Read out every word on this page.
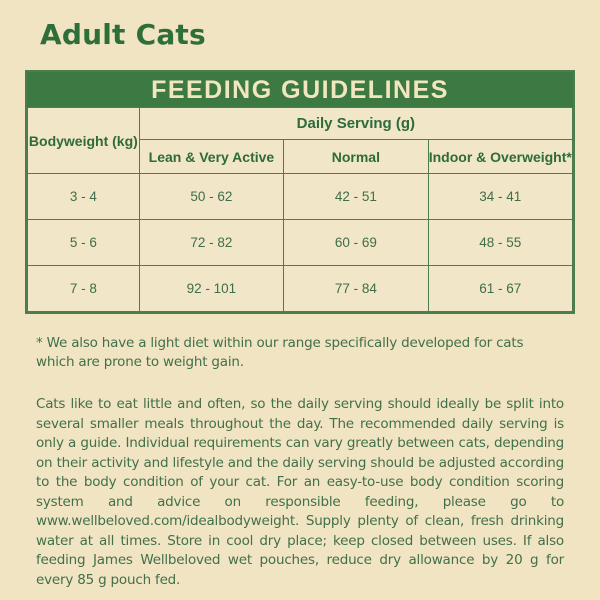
Adult Cats
FEEDING GUIDELINES
Bodyweight (kg)	Daily Serving (g)		
	Lean & Very Active	Normal	Indoor & Overweight*
3 - 4	50 - 62	42 - 51	34 - 41
5 - 6	72 - 82	60 - 69	48 - 55
7 - 8	92 - 101	77 - 84	61 - 67
* We also have a light diet within our range specifically developed for cats which are prone to weight gain.
Cats like to eat little and often, so the daily serving should ideally be split into several smaller meals throughout the day. The recommended daily serving is only a guide. Individual requirements can vary greatly between cats, depending on their activity and lifestyle and the daily serving should be adjusted according to the body condition of your cat. For an easy-to-use body condition scoring system and advice on responsible feeding, please go to www.wellbeloved.com/idealbodyweight. Supply plenty of clean, fresh drinking water at all times. Store in cool dry place; keep closed between uses. If also feeding James Wellbeloved wet pouches, reduce dry allowance by 20 g for every 85 g pouch fed.
